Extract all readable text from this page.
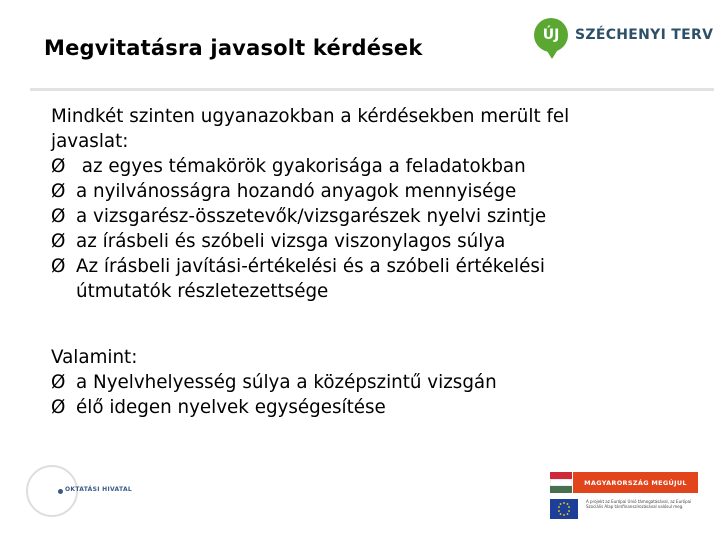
Megvitatásra javasolt kérdések
ÚJ	SZÉCHENYI TERV

Mindkét szinten ugyanazokban a kérdésekben merült fel javaslat:

Ø az egyes témakörök gyakorisága a feladatokban
Ø a nyilvánosságra hozandó anyagok mennyisége
Ø a vizsgarész-összetevők/vizsgarészek nyelvi szintje
Ø az írásbeli és szóbeli vizsga viszonylagos súlya
Ø Az írásbeli javítási-értékelési és a szóbeli értékelési útmutatók részletezettsége

Valamint:

Ø a Nyelvhelyesség súlya a középszintű vizsgán
Ø élő idegen nyelvek egységesítése
OKTATÁSI HIVATAL
MAGYARORSZÁG MEGÚJUL
A projekt az Európai Unió támogatásával, az Európai Szociális Alap társfinanszírozásával valósul meg.
